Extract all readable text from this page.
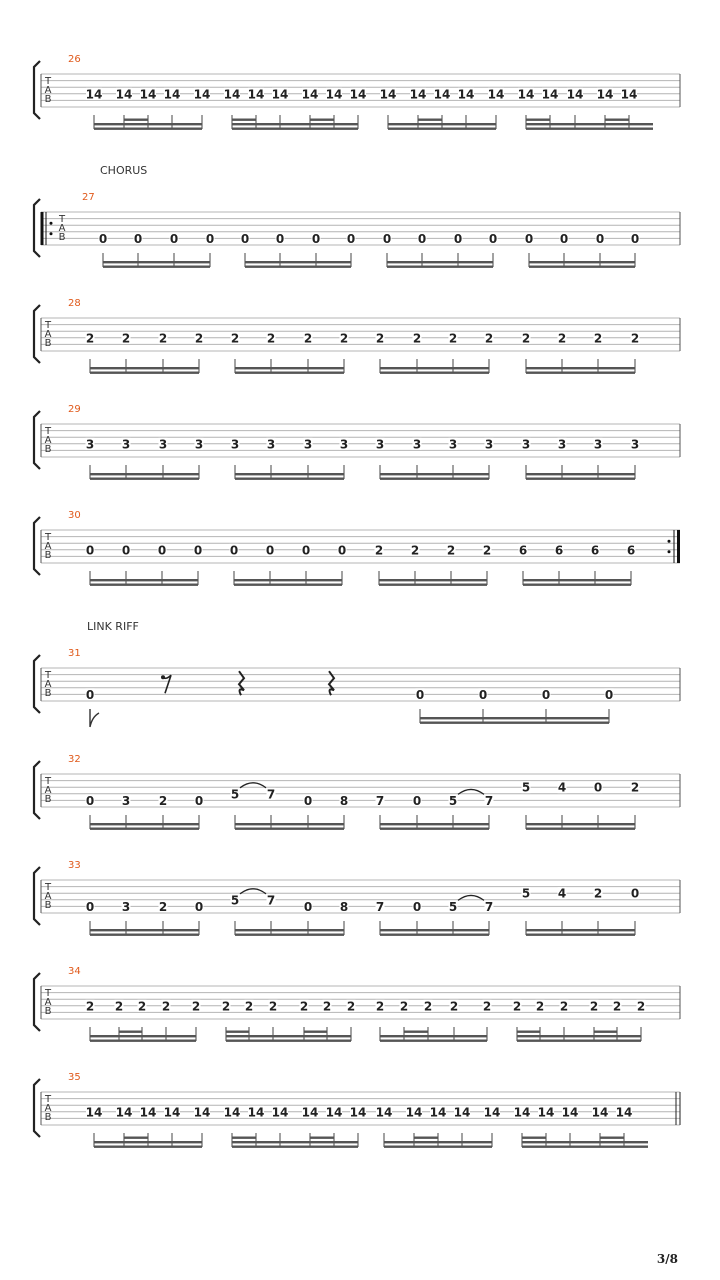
T
A
B
26
14 14 14 14 14 14 14 14 14 14 14 14 14 14 14 14 14 14 14 14 14
CHORUS
T
A
B
27
0 0 0 0 0 0 0 0 0 0 0 0 0 0 0 0
T
A
B
28
2 2 2 2 2 2 2 2 2 2 2 2 2 2 2 2
T
A
B
29
3 3 3 3 3 3 3 3 3 3 3 3 3 3 3 3
T
A
B
30
0 0 0 0 0 0 0 0 2 2 2 2 6 6 6 6
LINK RIFF
T
A
B
31
0	0	0	0	0
T
A
B
32
0 3 2 0 5 7 0 8 7 0 5 7
5 4 0 2
T
A
B
33
0 3 2 0 5 7 0 8 7 0 5 7
5 4 2 0
T
A
B
34
2 2 2 2 2 2 2 2 2 2 2 2 2 2 2 2 2 2 2 2 2 2
T
A
B
35
14 14 14 14 14 14 14 14 14 14 14 14 14 14 14 14 14 14 14 14 14
3/8
